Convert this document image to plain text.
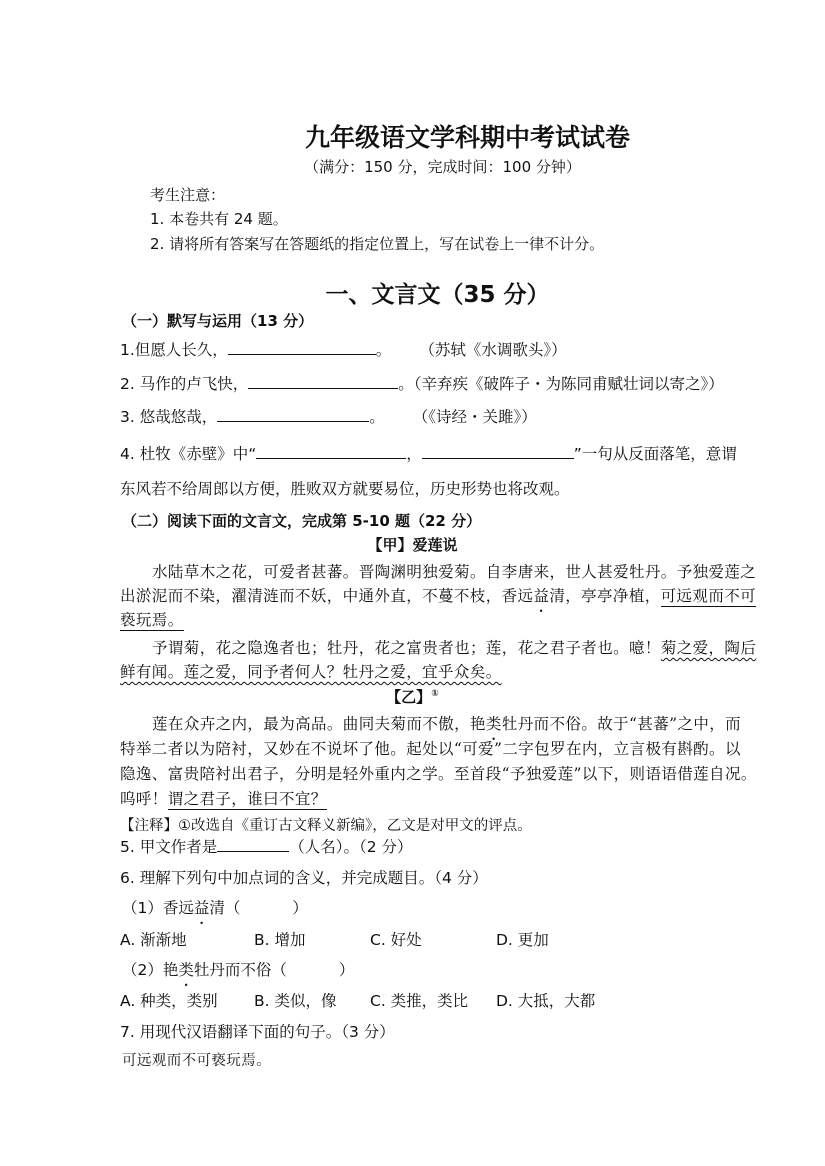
九年级语文学科期中考试试卷
（满分：150 分，完成时间：100 分钟）
考生注意：
1. 本卷共有 24 题。
2. 请将所有答案写在答题纸的指定位置上，写在试卷上一律不计分。
一、文言文（35 分）
（一）默写与运用（13 分）
1.但愿人长久，	。 （苏轼《水调歌头》）
2. 马作的卢飞快，	。（辛弃疾《破阵子・为陈同甫赋壮词以寄之》）
3. 悠哉悠哉，	。 （《诗经・关雎》）
4. 杜牧《赤壁》中“	，	”一句从反面落笔，意谓
东风若不给周郎以方便，胜败双方就要易位，历史形势也将改观。
（二）阅读下面的文言文，完成第 5-10 题（22 分）
【甲】爱莲说
水陆草木之花，可爱者甚蕃。晋陶渊明独爱菊。自李唐来，世人甚爱牡丹。予独爱莲之
出淤泥而不染，濯清涟而不妖，中通外直，不蔓不枝，香远益清，亭亭净植，可远观而不可
亵玩焉。
予谓菊，花之隐逸者也；牡丹，花之富贵者也；莲，花之君子者也。噫！菊之爱，陶后
鲜有闻。莲之爱，同予者何人？牡丹之爱，宜乎众矣。
【乙】①
莲在众卉之内，最为高品。曲同夫菊而不傲，艳类牡丹而不俗。故于“甚蕃”之中，而
特举二者以为陪衬，又妙在不说坏了他。起处以“可爱”二字包罗在内，立言极有斟酌。以
隐逸、富贵陪衬出君子，分明是轻外重内之学。至首段“予独爱莲”以下，则语语借莲自况。
呜呼！谓之君子，谁曰不宜？
【注释】①改选自《重订古文释义新编》，乙文是对甲文的评点。
5. 甲文作者是	（人名）。（2 分）
6. 理解下列句中加点词的含义，并完成题目。（4 分）
（1）香远益清（	）
A. 渐渐地	B. 增加	C. 好处	D. 更加
（2）艳类牡丹而不俗（	）
A. 种类，类别 B. 类似，像 C. 类推，类比 D. 大抵，大都
7. 用现代汉语翻译下面的句子。（3 分）
可远观而不可亵玩焉。
